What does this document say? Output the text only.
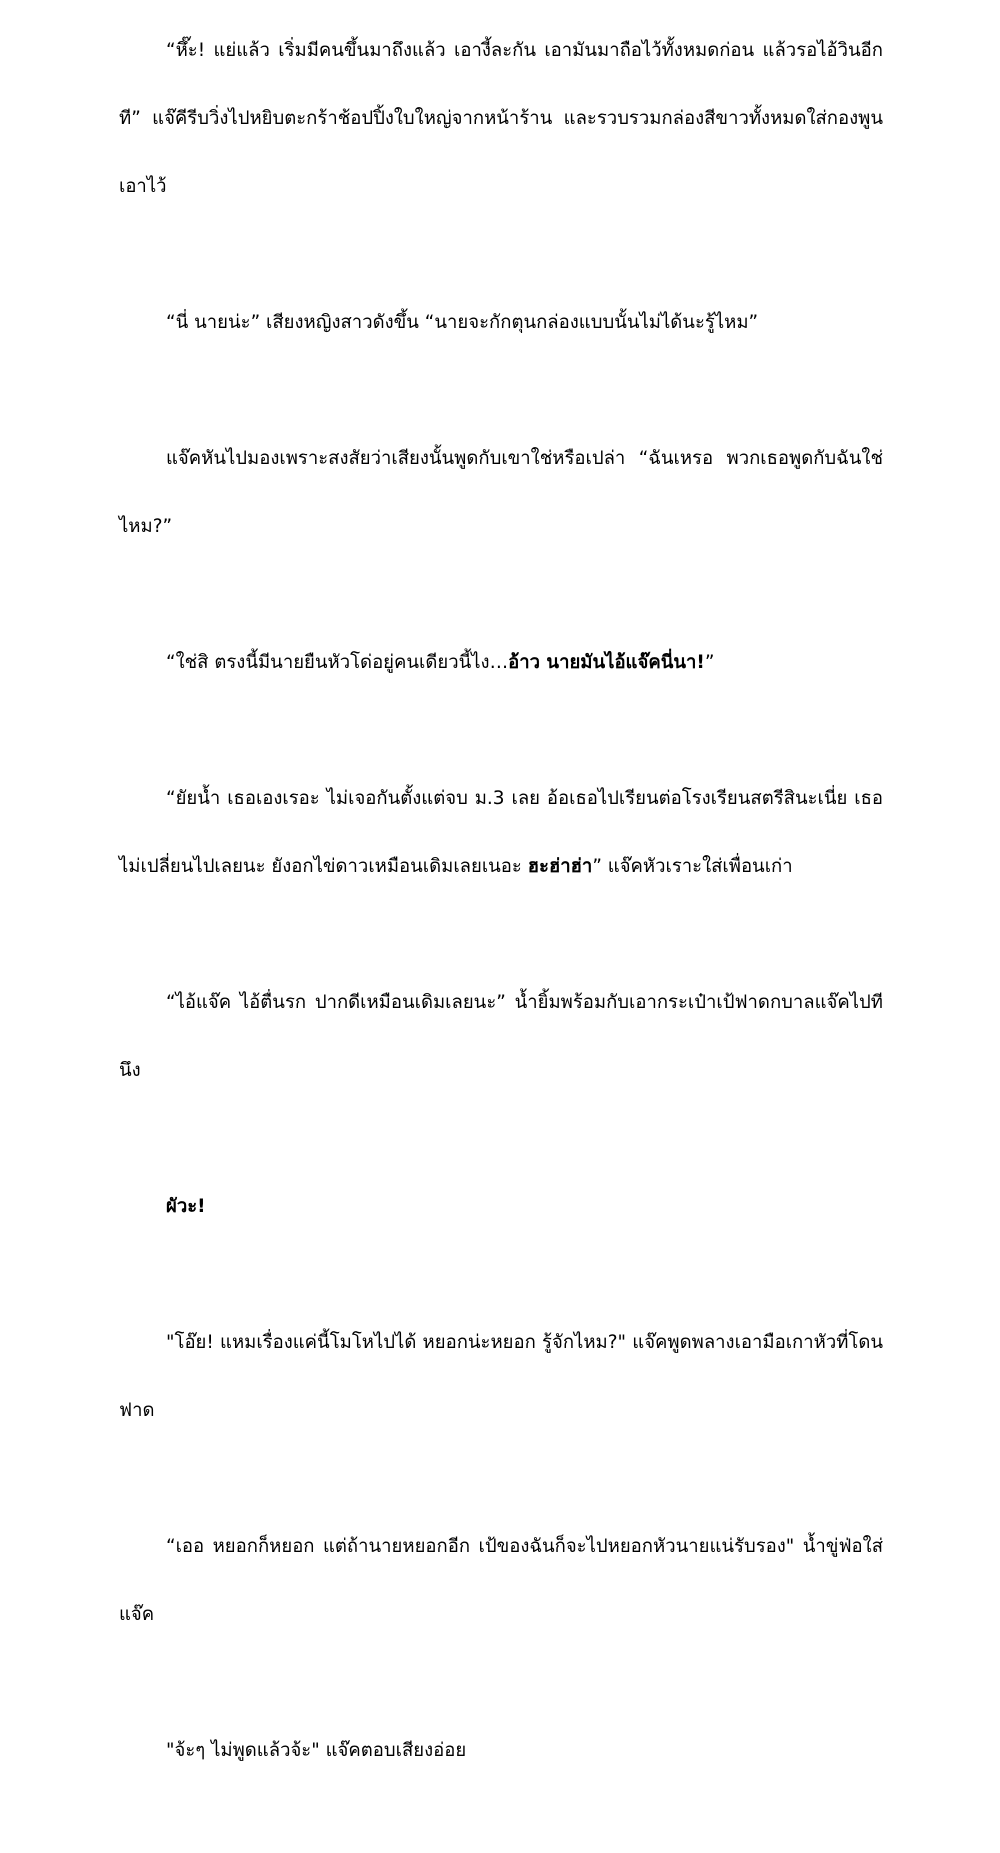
“หึ๊ะ! แย่แล้ว เริ่มมีคนขึ้นมาถึงแล้ว เอางี้ละกัน เอามันมาถือไว้ทั้งหมดก่อน แล้วรอไอ้วินอีกที” แจ๊คีรีบวิ่งไปหยิบตะกร้าช้อปปิ้งใบใหญ่จากหน้าร้าน และรวบรวมกล่องสีขาวทั้งหมดใส่กองพูนเอาไว้

“นี่ นายน่ะ” เสียงหญิงสาวดังขึ้น “นายจะกักตุนกล่องแบบนั้นไม่ได้นะรู้ไหม”

แจ๊คหันไปมองเพราะสงสัยว่าเสียงนั้นพูดกับเขาใช่หรือเปล่า “ฉันเหรอ พวกเธอพูดกับฉันใช่ไหม?”

“ใช่สิ ตรงนี้มีนายยืนหัวโด่อยู่คนเดียวนี้ไง…อ้าว นายมันไอ้แจ๊คนี่นา!”

“ยัยน้ำ เธอเองเรอะ ไม่เจอกันตั้งแต่จบ ม.3 เลย อ้อเธอไปเรียนต่อโรงเรียนสตรีสินะเนี่ย เธอไม่เปลี่ยนไปเลยนะ ยังอกไข่ดาวเหมือนเดิมเลยเนอะ ฮะฮ่าฮ่า” แจ๊คหัวเราะใส่เพื่อนเก่า

“ไอ้แจ๊ค ไอ้ตื่นรก ปากดีเหมือนเดิมเลยนะ” น้ำยิ้มพร้อมกับเอากระเป๋าเป้ฟาดกบาลแจ๊คไปทีนึง

ผัวะ!

"โอ๊ย! แหมเรื่องแค่นี้โมโหไปได้ หยอกน่ะหยอก รู้จักไหม?" แจ๊คพูดพลางเอามือเกาหัวที่โดนฟาด

“เออ หยอกก็หยอก แต่ถ้านายหยอกอีก เป้ของฉันก็จะไปหยอกหัวนายแน่รับรอง" น้ำขู่ฟ่อใส่แจ๊ค

"จ้ะๆ ไม่พูดแล้วจ้ะ" แจ๊คตอบเสียงอ่อย
